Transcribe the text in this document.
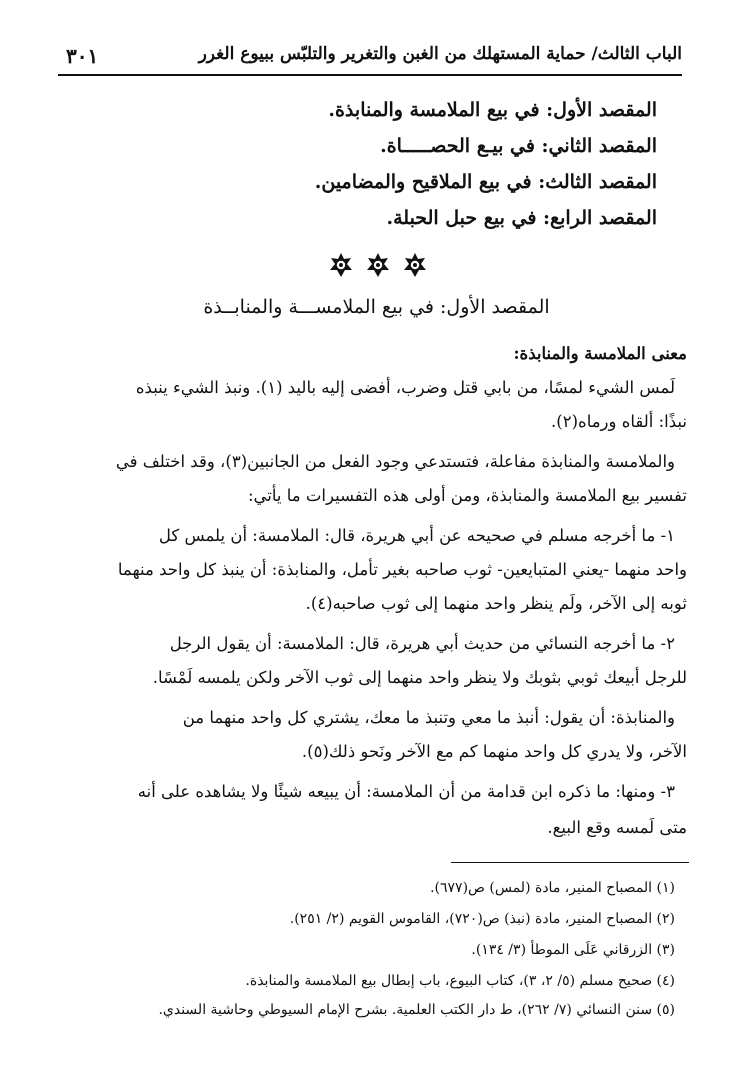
٣٠١	الباب الثالث/ حماية المستهلك من الغبن والتغرير والتلبّس ببيوع الغرر
المقصد الأول: في بيع الملامسة والمنابذة.
المقصد الثاني: في بيـع الحصـــــاة.
المقصد الثالث: في بيع الملاقيح والمضامين.
المقصد الرابع: في بيع حبل الحبلة.
المقصد الأول: في بيع الملامســـة والمنابــذة
معنى الملامسة والمنابذة:
لَمس الشيء لمسًا، من بابي قتل وضرب، أفضى إليه باليد (١). ونبذ الشيء ينبذه
نبذًا: ألقاه ورماه(٢).
والملامسة والمنابذة مفاعلة، فتستدعي وجود الفعل من الجانبين(٣)، وقد اختلف في
تفسير بيع الملامسة والمنابذة، ومن أولى هذه التفسيرات ما يأتي:
١- ما أخرجه مسلم في صحيحه عن أبي هريرة، قال: الملامسة: أن يلمس كل
واحد منهما -يعني المتبايعين- ثوب صاحبه بغير تأمل، والمنابذة: أن ينبذ كل واحد منهما
ثوبه إلى الآخر، ولَم ينظر واحد منهما إلى ثوب صاحبه(٤).
٢- ما أخرجه النسائي من حديث أبي هريرة، قال: الملامسة: أن يقول الرجل
للرجل أبيعك ثوبي بثوبك ولا ينظر واحد منهما إلى ثوب الآخر ولكن يلمسه لَمْسًا.
والمنابذة: أن يقول: أنبذ ما معي وتنبذ ما معك، يشتري كل واحد منهما من
الآخر، ولا يدري كل واحد منهما كم مع الآخر ونَحو ذلك(٥).
٣- ومنها: ما ذكره ابن قدامة من أن الملامسة: أن يبيعه شيئًا ولا يشاهده على أنه
متى لَمسه وقع البيع.
(١) المصباح المنير، مادة (لمس) ص(٦٧٧).
(٢) المصباح المنير، مادة (نبذ) ص(٧٢٠)، القاموس القويم (٢/ ٢٥١).
(٣) الزرقاني عَلَى الموطأ (٣/ ١٣٤).
(٤) صحيح مسلم (٥/ ٢، ٣)، كتاب البيوع، باب إبطال بيع الملامسة والمنابذة.
(٥) سنن النسائي (٧/ ٢٦٢)، ط دار الكتب العلمية. بشرح الإمام السيوطي وحاشية السندي.
